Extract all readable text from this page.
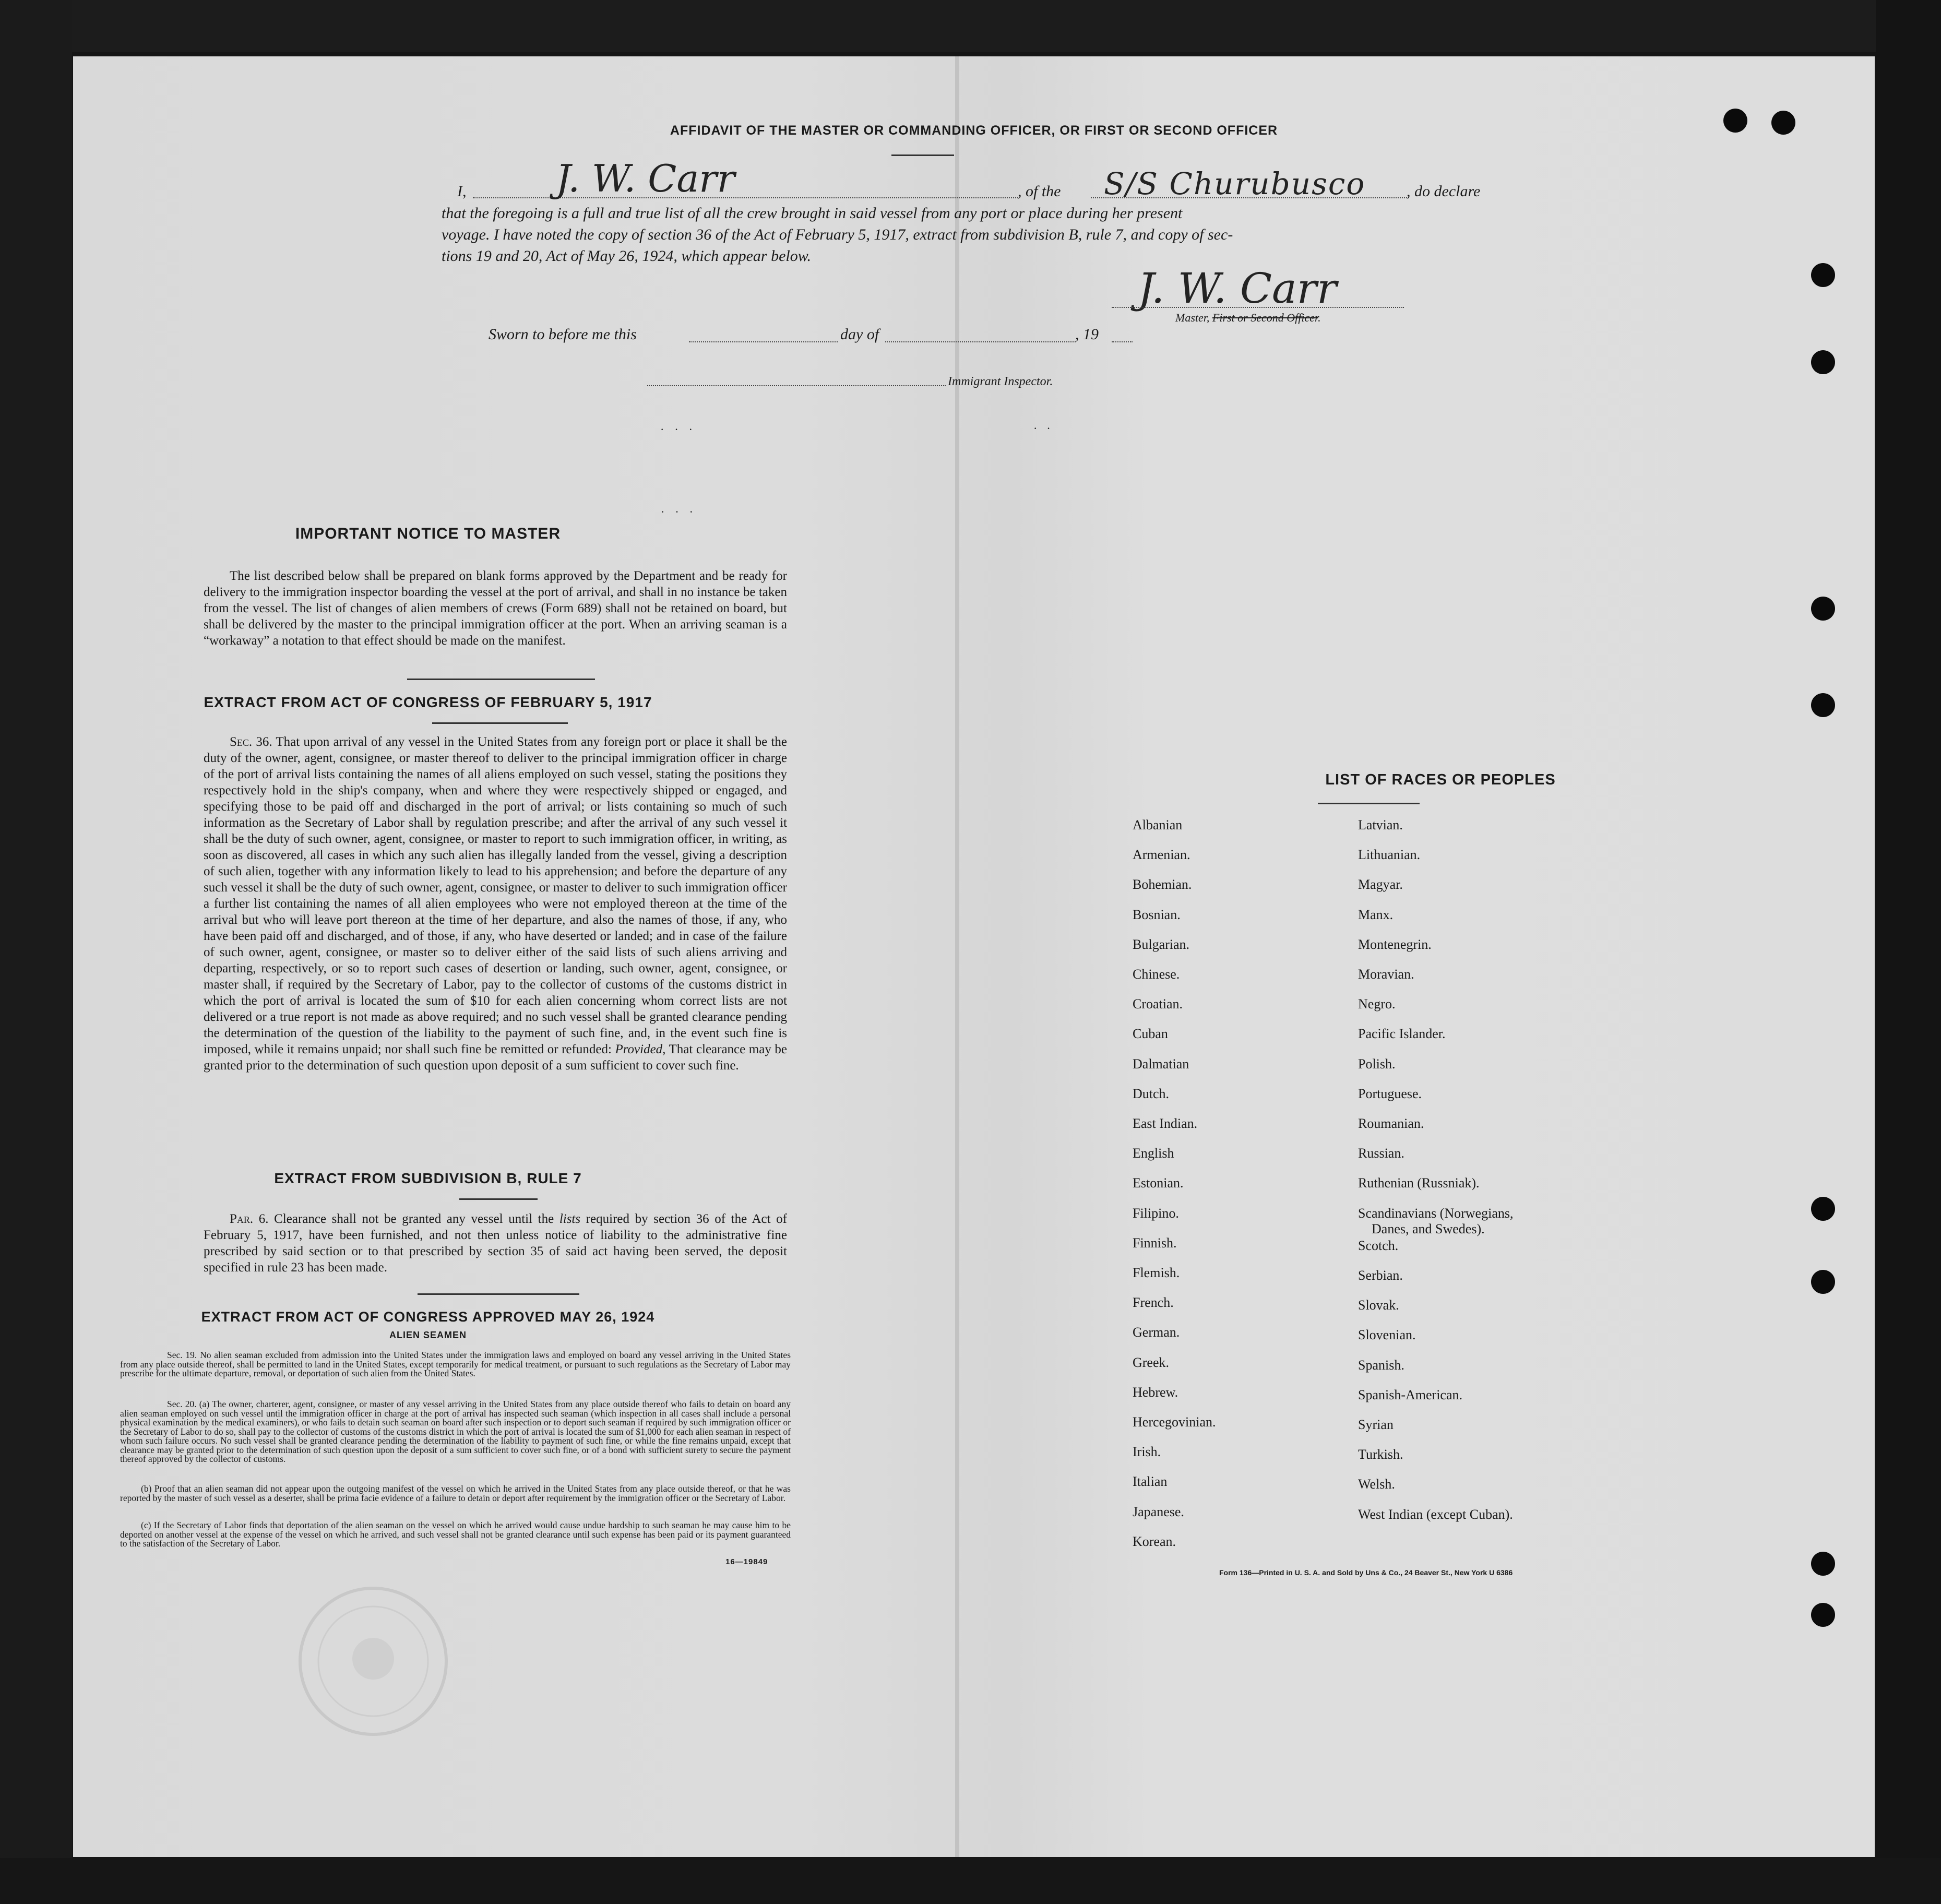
AFFIDAVIT OF THE MASTER OR COMMANDING OFFICER, OR FIRST OR SECOND OFFICER
I, J. W. Carr	, of the S/S Churubusco	, do declare
that the foregoing is a full and true list of all the crew brought in said vessel from any port or place during her present
voyage. I have noted the copy of section 36 of the Act of February 5, 1917, extract from subdivision B, rule 7, and copy of sec-
tions 19 and 20, Act of May 26, 1924, which appear below.
J. W. Carr
Master, First or Second Officer.
Sworn to before me this	day of	, 19
Immigrant Inspector.
IMPORTANT NOTICE TO MASTER
The list described below shall be prepared on blank forms approved by the Department and be ready for delivery to the immigration inspector boarding the vessel at the port of arrival, and shall in no instance be taken from the vessel. The list of changes of alien members of crews (Form 689) shall not be retained on board, but shall be delivered by the master to the principal immigration officer at the port. When an arriving seaman is a “workaway” a notation to that effect should be made on the manifest.
EXTRACT FROM ACT OF CONGRESS OF FEBRUARY 5, 1917
Sec. 36. That upon arrival of any vessel in the United States from any foreign port or place it shall be the duty of the owner, agent, consignee, or master thereof to deliver to the principal immigration officer in charge of the port of arrival lists containing the names of all aliens employed on such vessel, stating the positions they respectively hold in the ship's company, when and where they were respectively shipped or engaged, and specifying those to be paid off and discharged in the port of arrival; or lists containing so much of such information as the Secretary of Labor shall by regulation prescribe; and after the arrival of any such vessel it shall be the duty of such owner, agent, consignee, or master to report to such immigration officer, in writing, as soon as discovered, all cases in which any such alien has illegally landed from the vessel, giving a description of such alien, together with any information likely to lead to his apprehension; and before the departure of any such vessel it shall be the duty of such owner, agent, consignee, or master to deliver to such immigration officer a further list containing the names of all alien employees who were not employed thereon at the time of the arrival but who will leave port thereon at the time of her departure, and also the names of those, if any, who have been paid off and discharged, and of those, if any, who have deserted or landed; and in case of the failure of such owner, agent, consignee, or master so to deliver either of the said lists of such aliens arriving and departing, respectively, or so to report such cases of desertion or landing, such owner, agent, consignee, or master shall, if required by the Secretary of Labor, pay to the collector of customs of the customs district in which the port of arrival is located the sum of $10 for each alien concerning whom correct lists are not delivered or a true report is not made as above required; and no such vessel shall be granted clearance pending the determination of the question of the liability to the payment of such fine, and, in the event such fine is imposed, while it remains unpaid; nor shall such fine be remitted or refunded: Provided, That clearance may be granted prior to the determination of such question upon deposit of a sum sufficient to cover such fine.
EXTRACT FROM SUBDIVISION B, RULE 7
Par. 6. Clearance shall not be granted any vessel until the lists required by section 36 of the Act of February 5, 1917, have been furnished, and not then unless notice of liability to the administrative fine prescribed by said section or to that prescribed by section 35 of said act having been served, the deposit specified in rule 23 has been made.
EXTRACT FROM ACT OF CONGRESS APPROVED MAY 26, 1924
ALIEN SEAMEN
Sec. 19. No alien seaman excluded from admission into the United States under the immigration laws and employed on board any vessel arriving in the United States from any place outside thereof, shall be permitted to land in the United States, except temporarily for medical treatment, or pursuant to such regulations as the Secretary of Labor may prescribe for the ultimate departure, removal, or deportation of such alien from the United States.
Sec. 20. (a) The owner, charterer, agent, consignee, or master of any vessel arriving in the United States from any place outside thereof who fails to detain on board any alien seaman employed on such vessel until the immigration officer in charge at the port of arrival has inspected such seaman (which inspection in all cases shall include a personal physical examination by the medical examiners), or who fails to detain such seaman on board after such inspection or to deport such seaman if required by such immigration officer or the Secretary of Labor to do so, shall pay to the collector of customs of the customs district in which the port of arrival is located the sum of $1,000 for each alien seaman in respect of whom such failure occurs. No such vessel shall be granted clearance pending the determination of the liability to payment of such fine, or while the fine remains unpaid, except that clearance may be granted prior to the determination of such question upon the deposit of a sum sufficient to cover such fine, or of a bond with sufficient surety to secure the payment thereof approved by the collector of customs.
(b) Proof that an alien seaman did not appear upon the outgoing manifest of the vessel on which he arrived in the United States from any place outside thereof, or that he was reported by the master of such vessel as a deserter, shall be prima facie evidence of a failure to detain or deport after requirement by the immigration officer or the Secretary of Labor.
(c) If the Secretary of Labor finds that deportation of the alien seaman on the vessel on which he arrived would cause undue hardship to such seaman he may cause him to be deported on another vessel at the expense of the vessel on which he arrived, and such vessel shall not be granted clearance until such expense has been paid or its payment guaranteed to the satisfaction of the Secretary of Labor.
16—19849
LIST OF RACES OR PEOPLES
Albanian
Armenian.
Bohemian.
Bosnian.
Bulgarian.
Chinese.
Croatian.
Cuban
Dalmatian
Dutch.
East Indian.
English
Estonian.
Filipino.
Finnish.
Flemish.
French.
German.
Greek.
Hebrew.
Hercegovinian.
Irish.
Italian
Japanese.
Korean.
Latvian.
Lithuanian.
Magyar.
Manx.
Montenegrin.
Moravian.
Negro.
Pacific Islander.
Polish.
Portuguese.
Roumanian.
Russian.
Ruthenian (Russniak).
Scandinavians (Norwegians,
Danes, and Swedes).
Scotch.
Serbian.
Slovak.
Slovenian.
Spanish.
Spanish-American.
Syrian
Turkish.
Welsh.
West Indian (except Cuban).
Form 136—Printed in U. S. A. and Sold by Uns & Co., 24 Beaver St., New York U 6386
···
···
··
